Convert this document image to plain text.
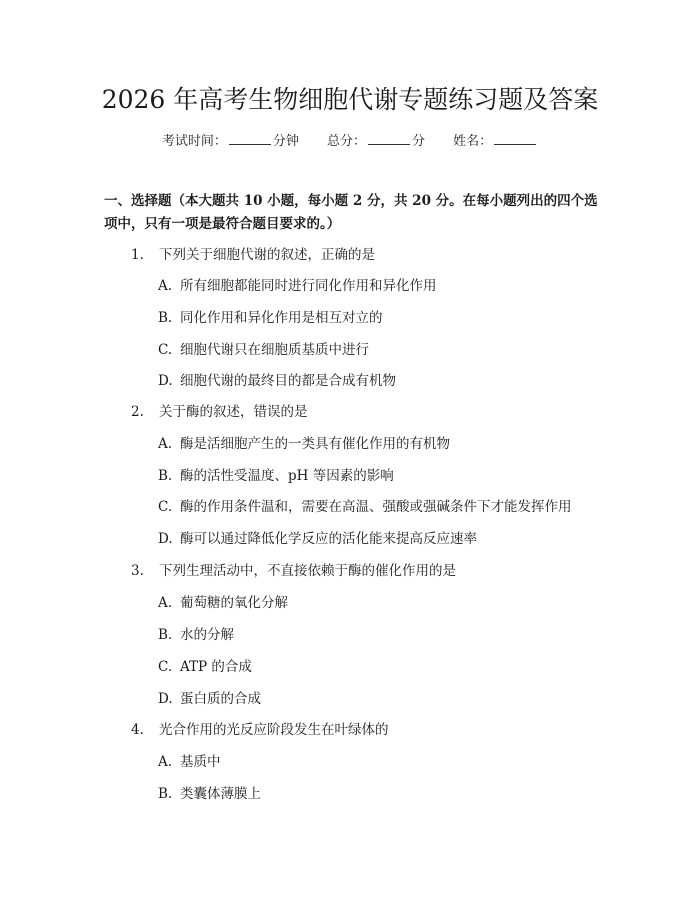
2026 年高考生物细胞代谢专题练习题及答案
考试时间：	分钟 总分：	分 姓名：
一、选择题（本大题共 10 小题，每小题 2 分，共 20 分。在每小题列出的四个选项中，只有一项是最符合题目要求的。）
1. 下列关于细胞代谢的叙述，正确的是
A. 所有细胞都能同时进行同化作用和异化作用
B. 同化作用和异化作用是相互对立的
C. 细胞代谢只在细胞质基质中进行
D. 细胞代谢的最终目的都是合成有机物
2. 关于酶的叙述，错误的是
A. 酶是活细胞产生的一类具有催化作用的有机物
B. 酶的活性受温度、pH 等因素的影响
C. 酶的作用条件温和，需要在高温、强酸或强碱条件下才能发挥作用
D. 酶可以通过降低化学反应的活化能来提高反应速率
3. 下列生理活动中，不直接依赖于酶的催化作用的是
A. 葡萄糖的氧化分解
B. 水的分解
C. ATP 的合成
D. 蛋白质的合成
4. 光合作用的光反应阶段发生在叶绿体的
A. 基质中
B. 类囊体薄膜上
